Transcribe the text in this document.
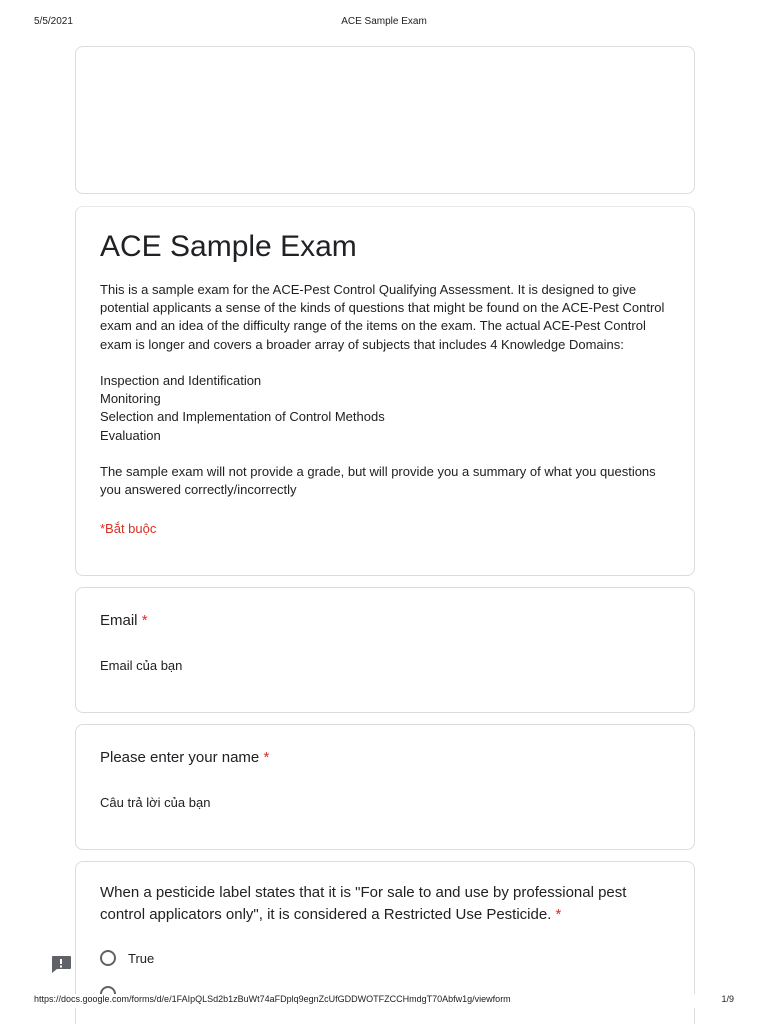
5/5/2021	ACE Sample Exam
ACE Sample Exam
This is a sample exam for the ACE-Pest Control Qualifying Assessment. It is designed to give potential applicants a sense of the kinds of questions that might be found on the ACE-Pest Control exam and an idea of the difficulty range of the items on the exam. The actual ACE-Pest Control exam is longer and covers a broader array of subjects that includes 4 Knowledge Domains:

Inspection and Identification
Monitoring
Selection and Implementation of Control Methods
Evaluation

The sample exam will not provide a grade, but will provide you a summary of what you questions you answered correctly/incorrectly
*Bắt buộc
Email *
Email của bạn
Please enter your name *
Câu trả lời của bạn
When a pesticide label states that it is "For sale to and use by professional pest control applicators only", it is considered a Restricted Use Pesticide. *
True
https://docs.google.com/forms/d/e/1FAIpQLSd2b1zBuWt74aFDplq9egnZcUfGDDWOTFZCCHmdgT70Abfw1g/viewform	1/9
